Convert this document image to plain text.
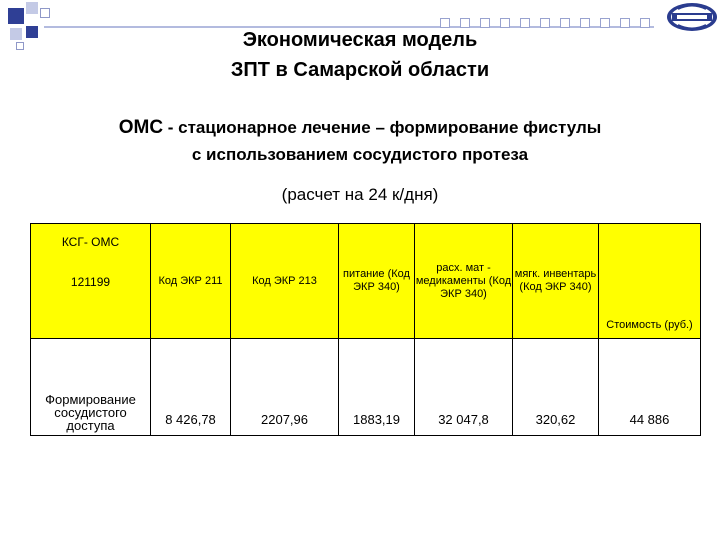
Экономическая модель
ЗПТ в Самарской области
ОМС - стационарное лечение – формирование фистулы
с использованием сосудистого протеза
(расчет на 24 к/дня)
КСГ- ОМС
121199	Код ЭКР 211	Код ЭКР 213	питание (Код ЭКР 340)	расх. мат - медикаменты (Код ЭКР 340)	мягк. инвентарь (Код ЭКР 340)	Стоимость (руб.)

Формирование сосудистого доступа	8 426,78	2207,96	1883,19	32 047,8	320,62	44 886
